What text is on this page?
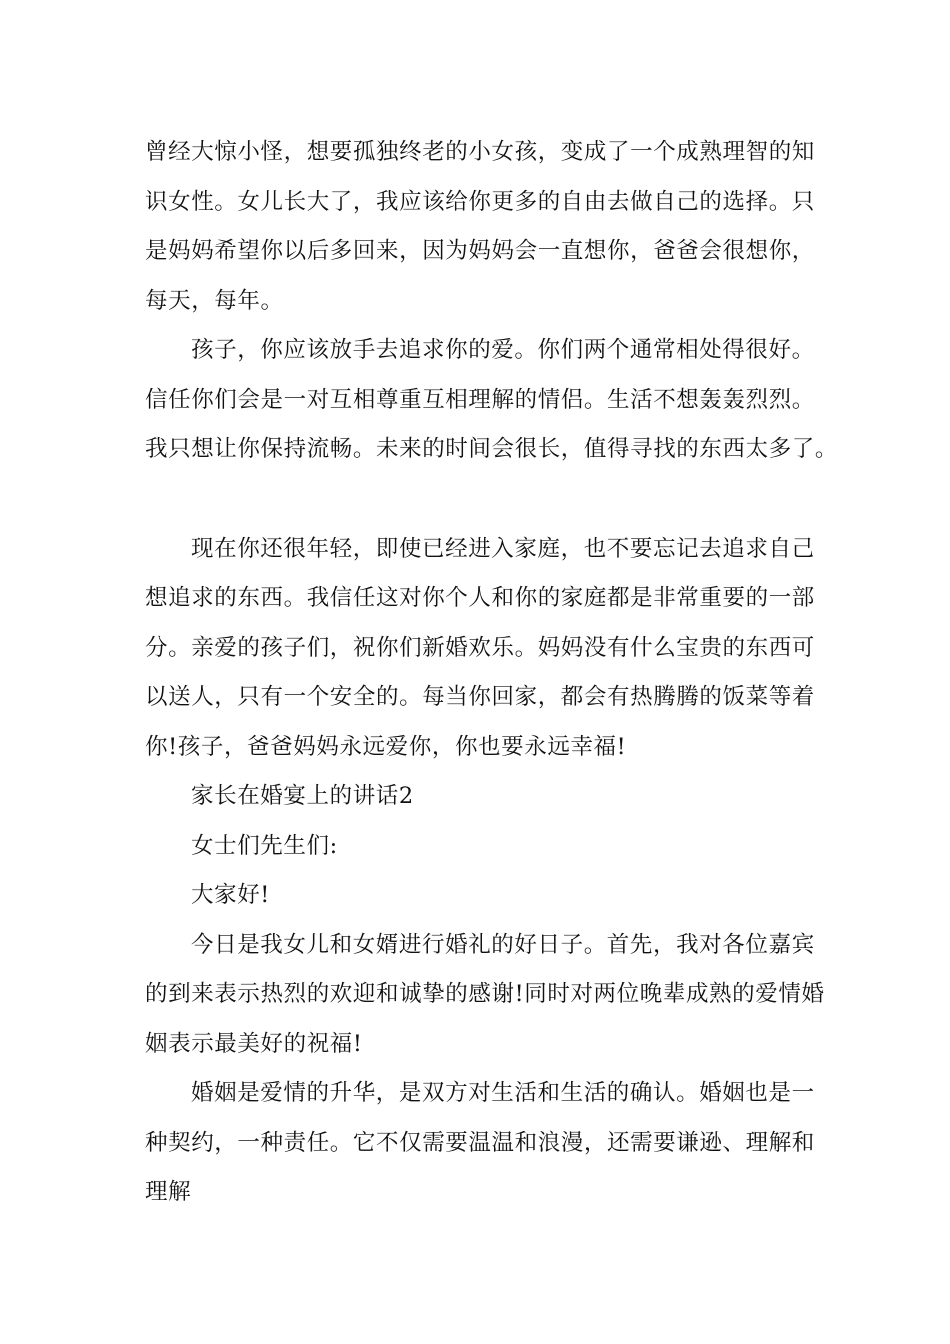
曾经大惊小怪，想要孤独终老的小女孩，变成了一个成熟理智的知
识女性。女儿长大了，我应该给你更多的自由去做自己的选择。只
是妈妈希望你以后多回来，因为妈妈会一直想你，爸爸会很想你，
每天，每年。
孩子，你应该放手去追求你的爱。你们两个通常相处得很好。
信任你们会是一对互相尊重互相理解的情侣。生活不想轰轰烈烈。
我只想让你保持流畅。未来的时间会很长，值得寻找的东西太多了。
现在你还很年轻，即使已经进入家庭，也不要忘记去追求自己
想追求的东西。我信任这对你个人和你的家庭都是非常重要的一部
分。亲爱的孩子们，祝你们新婚欢乐。妈妈没有什么宝贵的东西可
以送人，只有一个安全的。每当你回家，都会有热腾腾的饭菜等着
你!孩子，爸爸妈妈永远爱你，你也要永远幸福!
家长在婚宴上的讲话2
女士们先生们:
大家好!
今日是我女儿和女婿进行婚礼的好日子。首先，我对各位嘉宾
的到来表示热烈的欢迎和诚挚的感谢!同时对两位晚辈成熟的爱情婚
姻表示最美好的祝福!
婚姻是爱情的升华，是双方对生活和生活的确认。婚姻也是一
种契约，一种责任。它不仅需要温温和浪漫，还需要谦逊、理解和
理解
